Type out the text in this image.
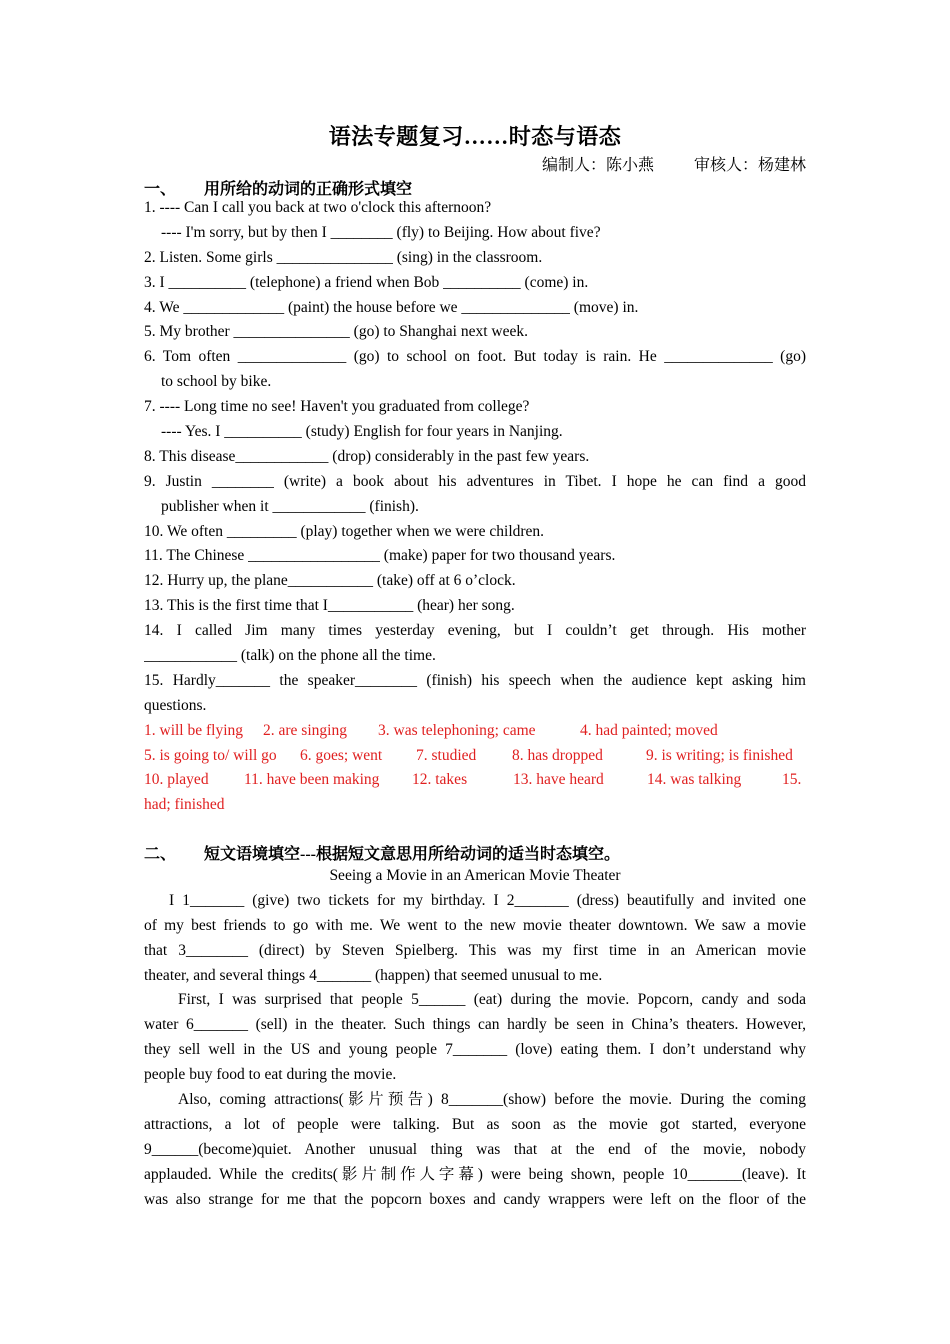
语法专题复习……时态与语态
编制人：陈小燕          审核人：杨建林
一、 用所给的动词的正确形式填空
1. ---- Can I call you back at two o'clock this afternoon?
---- I'm sorry, but by then I ________ (fly) to Beijing. How about five?
2. Listen. Some girls _______________ (sing) in the classroom.
3. I __________ (telephone) a friend when Bob __________ (come) in.
4. We _____________ (paint) the house before we ______________ (move) in.
5. My brother _______________ (go) to Shanghai next week.
6. Tom often ______________ (go) to school on foot. But today is rain. He ______________ (go)
to school by bike.
7. ---- Long time no see! Haven't you graduated from college?
---- Yes. I __________ (study) English for four years in Nanjing.
8. This disease____________ (drop) considerably in the past few years.
9. Justin ________ (write) a book about his adventures in Tibet. I hope he can find a good
publisher when it ____________ (finish).
10. We often _________ (play) together when we were children.
11. The Chinese _________________ (make) paper for two thousand years.
12. Hurry up, the plane___________ (take) off at 6 o’clock.
13. This is the first time that I___________ (hear) her song.
14. I called Jim many times yesterday evening, but I couldn’t get through. His mother
____________ (talk) on the phone all the time.
15. Hardly_______ the speaker________ (finish) his speech when the audience kept asking him
questions.
1. will be flying	2. are singing	3. was telephoning; came	4. had painted; moved
5. is going to/ will go	6. goes; went	7. studied	8. has dropped	9. is writing; is finished
10. played	11. have been making	12. takes	13. have heard	14. was talking	15.
had; finished
二、 短文语境填空---根据短文意思用所给动词的适当时态填空。
Seeing a Movie in an American Movie Theater
I 1_______ (give) two tickets for my birthday. I 2_______ (dress) beautifully and invited one
of my best friends to go with me. We went to the new movie theater downtown. We saw a movie
that 3________ (direct) by Steven Spielberg. This was my first time in an American movie
theater, and several things 4_______ (happen) that seemed unusual to me.
First, I was surprised that people 5______ (eat) during the movie. Popcorn, candy and soda
water 6_______ (sell) in the theater. Such things can hardly be seen in China’s theaters. However,
they sell well in the US and young people 7_______ (love) eating them. I don’t understand why
people buy food to eat during the movie.
Also, coming attractions(影片预告) 8_______(show) before the movie. During the coming
attractions, a lot of people were talking. But as soon as the movie got started, everyone
9______(become)quiet. Another unusual thing was that at the end of the movie, nobody
applauded. While the credits(影片制作人字幕) were being shown, people 10_______(leave). It
was also strange for me that the popcorn boxes and candy wrappers were left on the floor of the
